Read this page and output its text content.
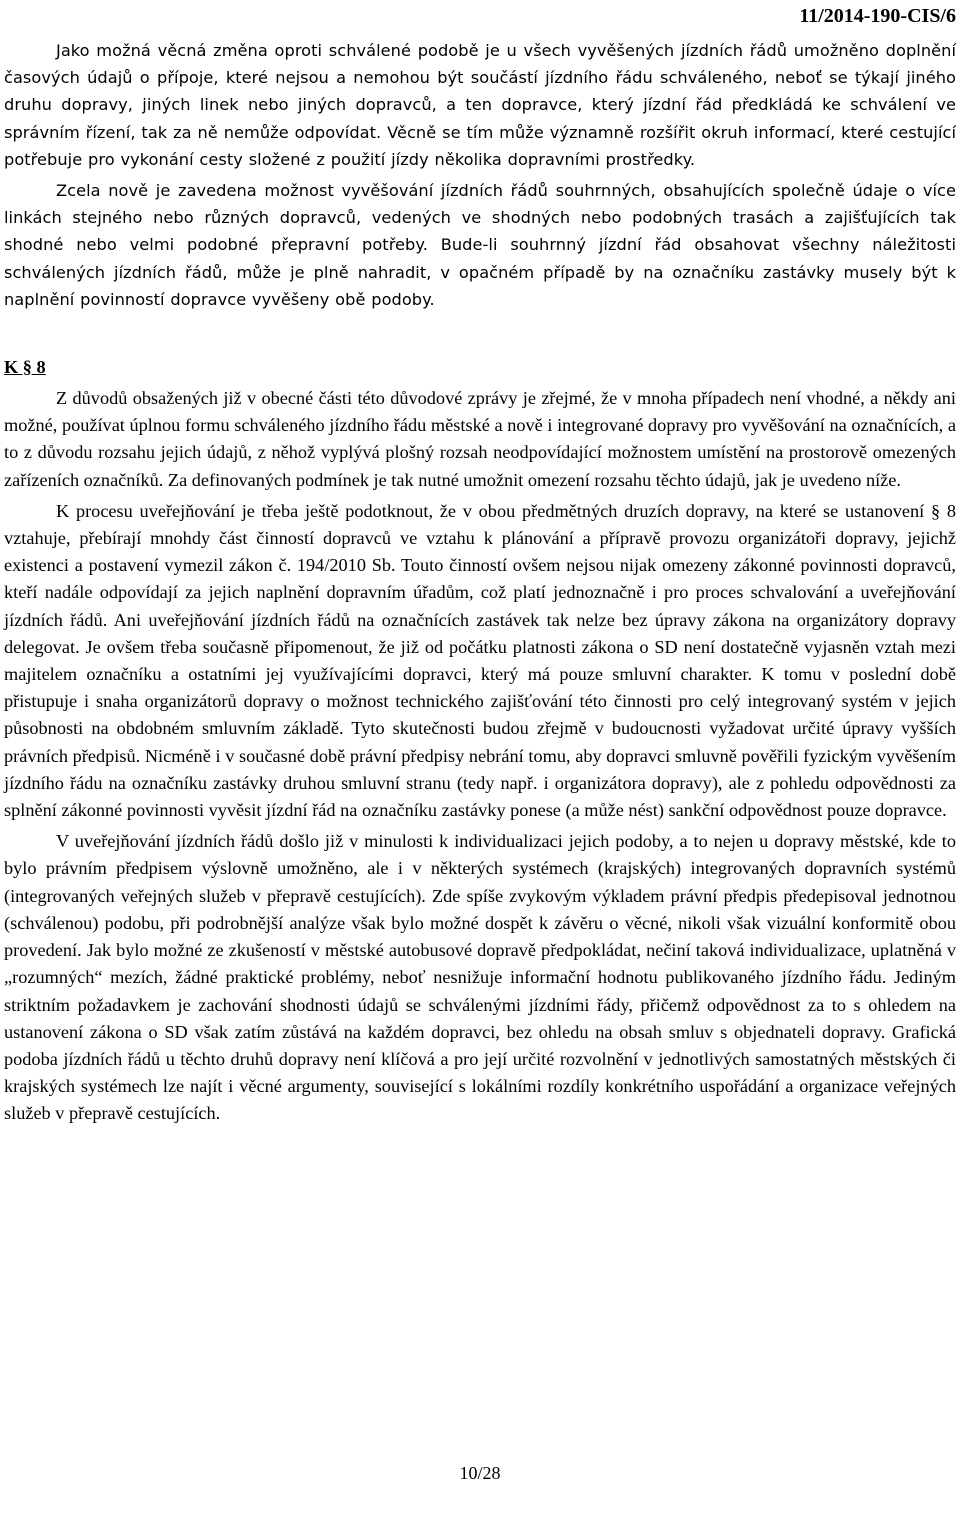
11/2014-190-CIS/6

Jako možná věcná změna oproti schválené podobě je u všech vyvěšených jízdních řádů umožněno doplnění časových údajů o přípoje, které nejsou a nemohou být součástí jízdního řádu schváleného, neboť se týkají jiného druhu dopravy, jiných linek nebo jiných dopravců, a ten dopravce, který jízdní řád předkládá ke schválení ve správním řízení, tak za ně nemůže odpovídat. Věcně se tím může významně rozšířit okruh informací, které cestující potřebuje pro vykonání cesty složené z použití jízdy několika dopravními prostředky.

Zcela nově je zavedena možnost vyvěšování jízdních řádů souhrnných, obsahujících společně údaje o více linkách stejného nebo různých dopravců, vedených ve shodných nebo podobných trasách a zajišťujících tak shodné nebo velmi podobné přepravní potřeby. Bude-li souhrnný jízdní řád obsahovat všechny náležitosti schválených jízdních řádů, může je plně nahradit, v opačném případě by na označníku zastávky musely být k naplnění povinností dopravce vyvěšeny obě podoby.

K § 8

Z důvodů obsažených již v obecné části této důvodové zprávy je zřejmé, že v mnoha případech není vhodné, a někdy ani možné, používat úplnou formu schváleného jízdního řádu městské a nově i integrované dopravy pro vyvěšování na označnících, a to z důvodu rozsahu jejich údajů, z něhož vyplývá plošný rozsah neodpovídající možnostem umístění na prostorově omezených zařízeních označníků. Za definovaných podmínek je tak nutné umožnit omezení rozsahu těchto údajů, jak je uvedeno níže.

K procesu uveřejňování je třeba ještě podotknout, že v obou předmětných druzích dopravy, na které se ustanovení § 8 vztahuje, přebírají mnohdy část činností dopravců ve vztahu k plánování a přípravě provozu organizátoři dopravy, jejichž existenci a postavení vymezil zákon č. 194/2010 Sb. Touto činností ovšem nejsou nijak omezeny zákonné povinnosti dopravců, kteří nadále odpovídají za jejich naplnění dopravním úřadům, což platí jednoznačně i pro proces schvalování a uveřejňování jízdních řádů. Ani uveřejňování jízdních řádů na označnících zastávek tak nelze bez úpravy zákona na organizátory dopravy delegovat. Je ovšem třeba současně připomenout, že již od počátku platnosti zákona o SD není dostatečně vyjasněn vztah mezi majitelem označníku a ostatními jej využívajícími dopravci, který má pouze smluvní charakter. K tomu v poslední době přistupuje i snaha organizátorů dopravy o možnost technického zajišťování této činnosti pro celý integrovaný systém v jejich působnosti na obdobném smluvním základě. Tyto skutečnosti budou zřejmě v budoucnosti vyžadovat určité úpravy vyšších právních předpisů. Nicméně i v současné době právní předpisy nebrání tomu, aby dopravci smluvně pověřili fyzickým vyvěšením jízdního řádu na označníku zastávky druhou smluvní stranu (tedy např. i organizátora dopravy), ale z pohledu odpovědnosti za splnění zákonné povinnosti vyvěsit jízdní řád na označníku zastávky ponese (a může nést) sankční odpovědnost pouze dopravce.

V uveřejňování jízdních řádů došlo již v minulosti k individualizaci jejich podoby, a to nejen u dopravy městské, kde to bylo právním předpisem výslovně umožněno, ale i v některých systémech (krajských) integrovaných dopravních systémů (integrovaných veřejných služeb v přepravě cestujících). Zde spíše zvykovým výkladem právní předpis předepisoval jednotnou (schválenou) podobu, při podrobnější analýze však bylo možné dospět k závěru o věcné, nikoli však vizuální konformitě obou provedení. Jak bylo možné ze zkušeností v městské autobusové dopravě předpokládat, nečiní taková individualizace, uplatněná v „rozumných“ mezích, žádné praktické problémy, neboť nesnižuje informační hodnotu publikovaného jízdního řádu. Jediným striktním požadavkem je zachování shodnosti údajů se schválenými jízdními řády, přičemž odpovědnost za to s ohledem na ustanovení zákona o SD však zatím zůstává na každém dopravci, bez ohledu na obsah smluv s objednateli dopravy. Grafická podoba jízdních řádů u těchto druhů dopravy není klíčová a pro její určité rozvolnění v jednotlivých samostatných městských či krajských systémech lze najít i věcné argumenty, související s lokálními rozdíly konkrétního uspořádání a organizace veřejných služeb v přepravě cestujících.

10/28
